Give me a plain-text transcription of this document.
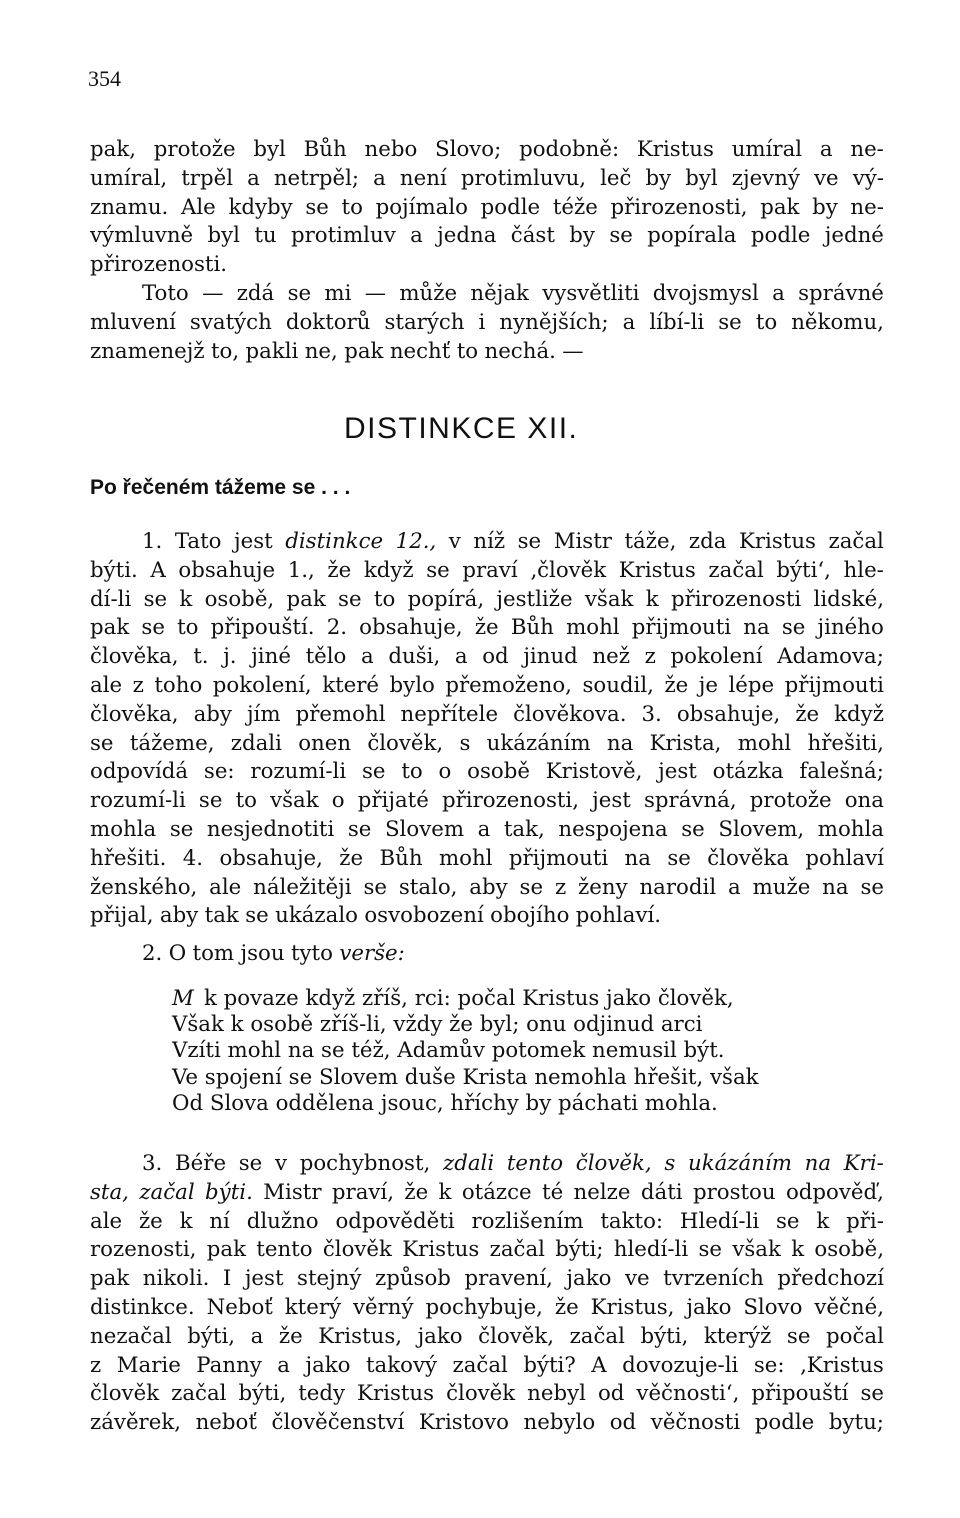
354
pak, protože byl Bůh nebo Slovo; podobně: Kristus umíral a ne-
umíral, trpěl a netrpěl; a není protimluvu, leč by byl zjevný ve vý-
znamu. Ale kdyby se to pojímalo podle téže přirozenosti, pak by ne-
výmluvně byl tu protimluv a jedna část by se popírala podle jedné
přirozenosti.
Toto — zdá se mi — může nějak vysvětliti dvojsmysl a správné
mluvení svatých doktorů starých i nynějších; a líbí-li se to někomu,
znamenejž to, pakli ne, pak nechť to nechá. —
DISTINKCE XII.
Po řečeném tážeme se . . .
1. Tato jest distinkce 12., v níž se Mistr táže, zda Kristus začal
býti. A obsahuje 1., že když se praví ‚člověk Kristus začal býti‘, hle-
dí-li se k osobě, pak se to popírá, jestliže však k přirozenosti lidské,
pak se to připouští. 2. obsahuje, že Bůh mohl přijmouti na se jiného
člověka, t. j. jiné tělo a duši, a od jinud než z pokolení Adamova;
ale z toho pokolení, které bylo přemoženo, soudil, že je lépe přijmouti
člověka, aby jím přemohl nepřítele člověkova. 3. obsahuje, že když
se tážeme, zdali onen člověk, s ukázáním na Krista, mohl hřešiti,
odpovídá se: rozumí-li se to o osobě Kristově, jest otázka falešná;
rozumí-li se to však o přijaté přirozenosti, jest správná, protože ona
mohla se nesjednotiti se Slovem a tak, nespojena se Slovem, mohla
hřešiti. 4. obsahuje, že Bůh mohl přijmouti na se člověka pohlaví
ženského, ale náležitěji se stalo, aby se z ženy narodil a muže na se
přijal, aby tak se ukázalo osvobození obojího pohlaví.
2. O tom jsou tyto verše:
M k povaze když zříš, rci: počal Kristus jako člověk,
Však k osobě zříš-li, vždy že byl; onu odjinud arci
Vzíti mohl na se též, Adamův potomek nemusil být.
Ve spojení se Slovem duše Krista nemohla hřešit, však
Od Slova oddělena jsouc, hříchy by páchati mohla.
3. Béře se v pochybnost, zdali tento člověk, s ukázáním na Kri-
sta, začal býti. Mistr praví, že k otázce té nelze dáti prostou odpověď,
ale že k ní dlužno odpověděti rozlišením takto: Hledí-li se k při-
rozenosti, pak tento člověk Kristus začal býti; hledí-li se však k osobě,
pak nikoli. I jest stejný způsob pravení, jako ve tvrzeních předchozí
distinkce. Neboť který věrný pochybuje, že Kristus, jako Slovo věčné,
nezačal býti, a že Kristus, jako člověk, začal býti, kterýž se počal
z Marie Panny a jako takový začal býti? A dovozuje-li se: ‚Kristus
člověk začal býti, tedy Kristus člověk nebyl od věčnosti‘, připouští se
závěrek, neboť člověčenství Kristovo nebylo od věčnosti podle bytu;
